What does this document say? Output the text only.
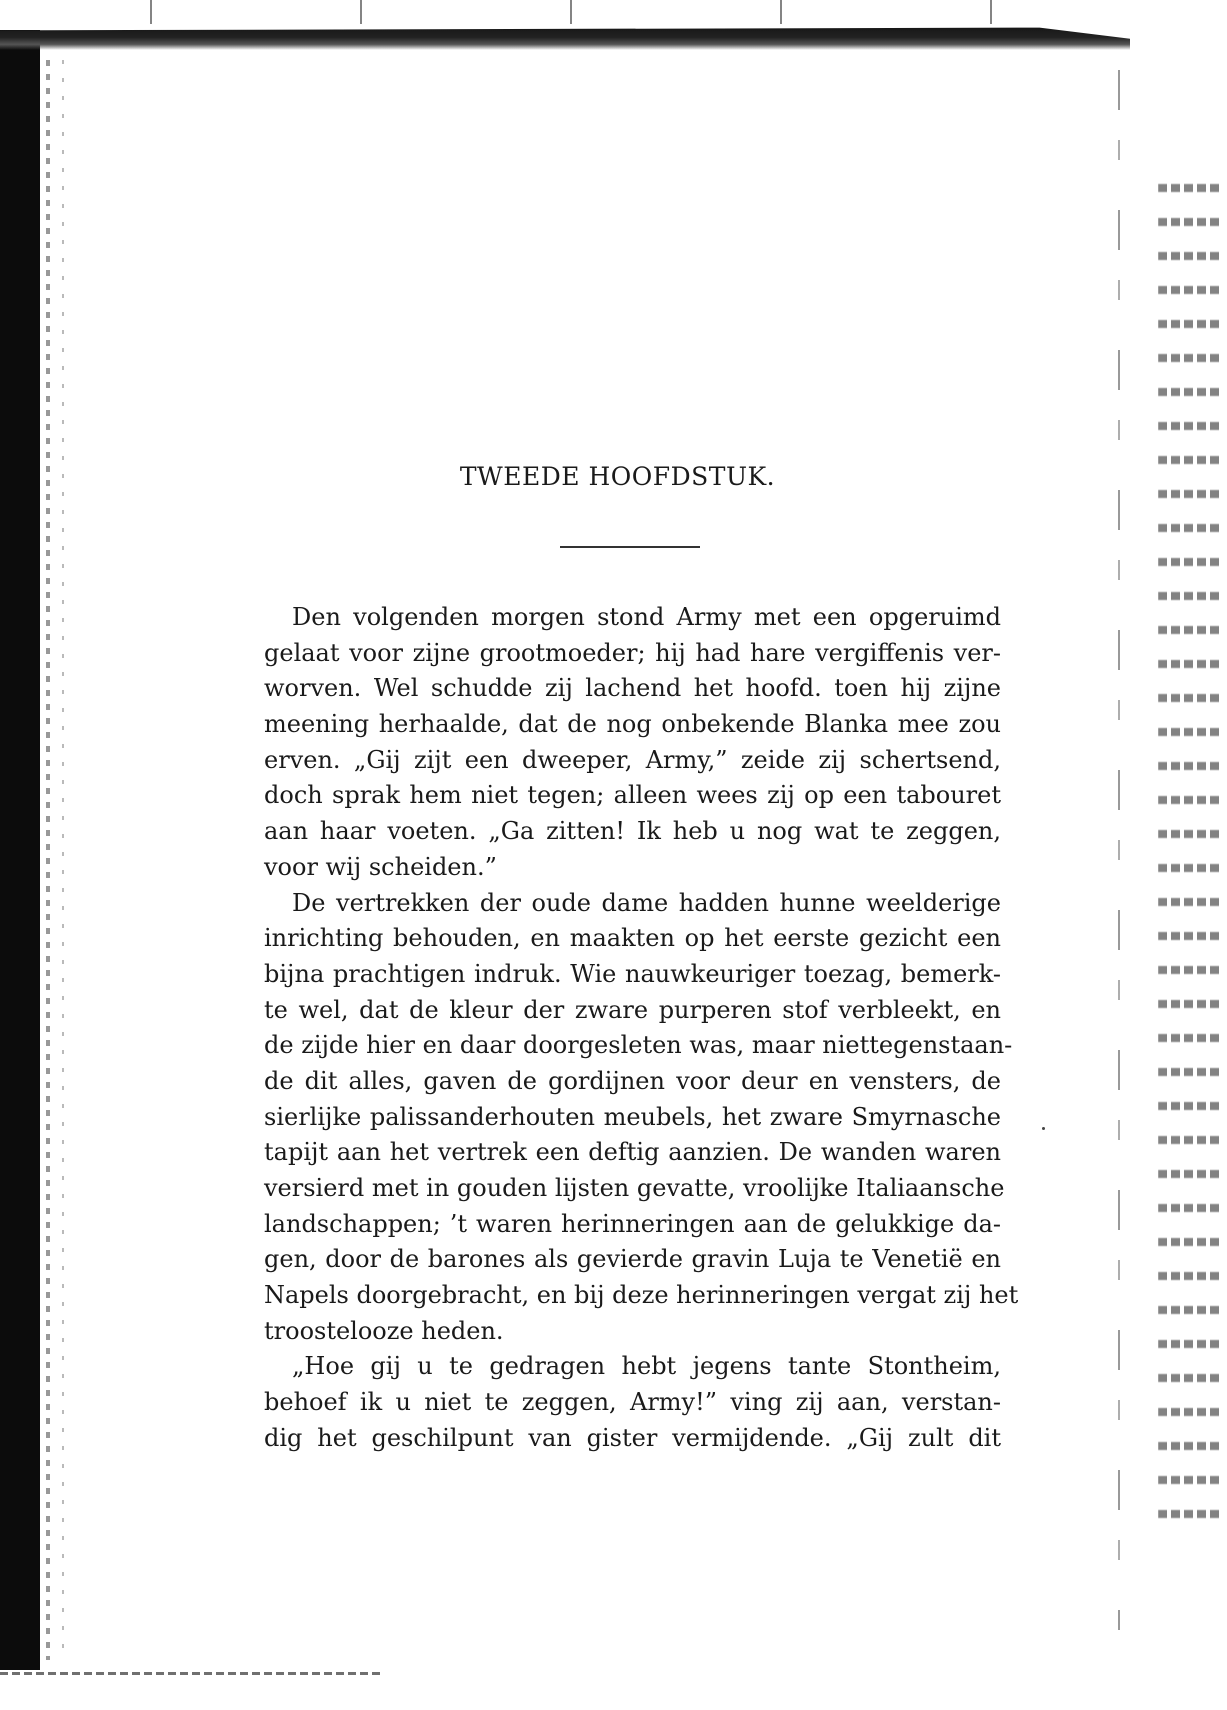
TWEEDE HOOFDSTUK.
Den volgenden morgen stond Army met een opgeruimd
gelaat voor zijne grootmoeder; hij had hare vergiffenis ver-
worven. Wel schudde zij lachend het hoofd. toen hij zijne
meening herhaalde, dat de nog onbekende Blanka mee zou
erven. „Gij zijt een dweeper, Army,” zeide zij schertsend,
doch sprak hem niet tegen; alleen wees zij op een tabouret
aan haar voeten. „Ga zitten! Ik heb u nog wat te zeggen,
voor wij scheiden.”
De vertrekken der oude dame hadden hunne weelderige
inrichting behouden, en maakten op het eerste gezicht een
bijna prachtigen indruk. Wie nauwkeuriger toezag, bemerk-
te wel, dat de kleur der zware purperen stof verbleekt, en
de zijde hier en daar doorgesleten was, maar niettegenstaan-
de dit alles, gaven de gordijnen voor deur en vensters, de
sierlijke palissanderhouten meubels, het zware Smyrnasche
tapijt aan het vertrek een deftig aanzien. De wanden waren
versierd met in gouden lijsten gevatte, vroolijke Italiaansche
landschappen; ’t waren herinneringen aan de gelukkige da-
gen, door de barones als gevierde gravin Luja te Venetië en
Napels doorgebracht, en bij deze herinneringen vergat zij het
troostelooze heden.
„Hoe gij u te gedragen hebt jegens tante Stontheim,
behoef ik u niet te zeggen, Army!” ving zij aan, verstan-
dig het geschilpunt van gister vermijdende. „Gij zult dit
